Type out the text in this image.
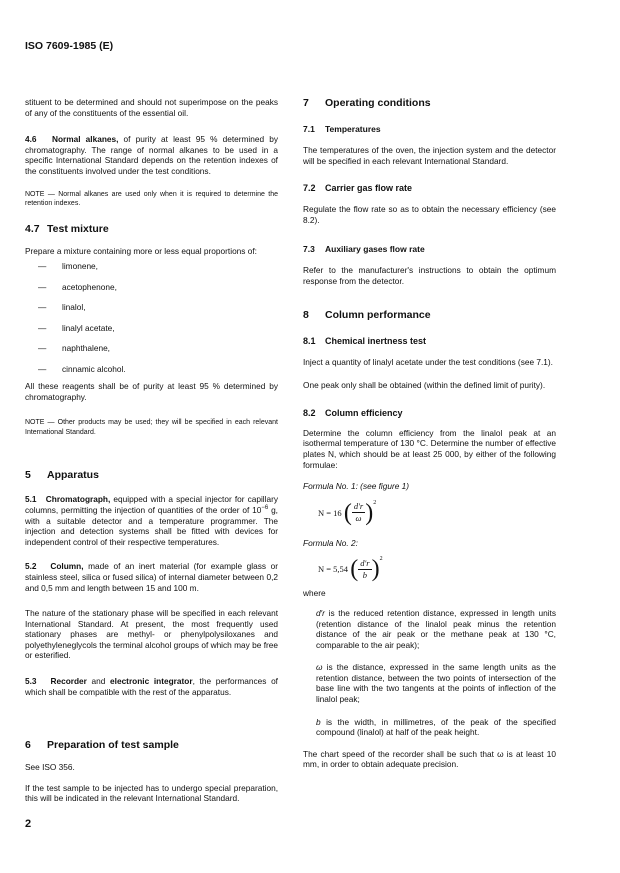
ISO 7609-1985 (E)
stituent to be determined and should not superimpose on the peaks of any of the constituents of the essential oil.
4.6 Normal alkanes, of purity at least 95 % determined by chromatography. The range of normal alkanes to be used in a specific International Standard depends on the retention indexes of the constituents involved under the test conditions.
NOTE — Normal alkanes are used only when it is required to determine the retention indexes.
4.7 Test mixture
Prepare a mixture containing more or less equal proportions of:
— limonene,
— acetophenone,
— linalol,
— linalyl acetate,
— naphthalene,
— cinnamic alcohol.
All these reagents shall be of purity at least 95 % determined by chromatography.
NOTE — Other products may be used; they will be specified in each relevant International Standard.
5 Apparatus
5.1 Chromatograph, equipped with a special injector for capillary columns, permitting the injection of quantities of the order of $10^{-6}$ g, with a suitable detector and a temperature programmer. The injection and detection systems shall be fitted with devices for independent control of their respective temperatures.
5.2 Column, made of an inert material (for example glass or stainless steel, silica or fused silica) of internal diameter between 0,2 and 0,5 mm and length between 15 and 100 m.
The nature of the stationary phase will be specified in each relevant International Standard. At present, the most frequently used stationary phases are methyl- or phenylpolysiloxanes and polyethyleneglycols the terminal alcohol groups of which may be free or esterified.
5.3 Recorder and electronic integrator, the performances of which shall be compatible with the rest of the apparatus.
6 Preparation of test sample
See ISO 356.
If the test sample to be injected has to undergo special preparation, this will be indicated in the relevant International Standard.
2
7 Operating conditions
7.1 Temperatures
The temperatures of the oven, the injection system and the detector will be specified in each relevant International Standard.
7.2 Carrier gas flow rate
Regulate the flow rate so as to obtain the necessary efficiency (see 8.2).
7.3 Auxiliary gases flow rate
Refer to the manufacturer's instructions to obtain the optimum response from the detector.
8 Column performance
8.1 Chemical inertness test
Inject a quantity of linalyl acetate under the test conditions (see 7.1).
One peak only shall be obtained (within the defined limit of purity).
8.2 Column efficiency
Determine the column efficiency from the linalol peak at an isothermal temperature of 130 °C. Determine the number of effective plates N, which should be at least 25 000, by either of the following formulae:
Formula No. 1: (see figure 1)
N = 16
( $\frac{d'r}{\omega} )^2$
Formula No. 2:
N = 5,54
( $\frac{d'r}{b} )^2$
where
d′r is the reduced retention distance, expressed in length units (retention distance of the linalol peak minus the retention distance of the air peak or the methane peak at 130 °C, comparable to the air peak);
ω is the distance, expressed in the same length units as the retention distance, between the two points of intersection of the base line with the two tangents at the points of inflection of the linalol peak;
b is the width, in millimetres, of the peak of the specified compound (linalol) at half of the peak height.
The chart speed of the recorder shall be such that ω is at least 10 mm, in order to obtain adequate precision.
